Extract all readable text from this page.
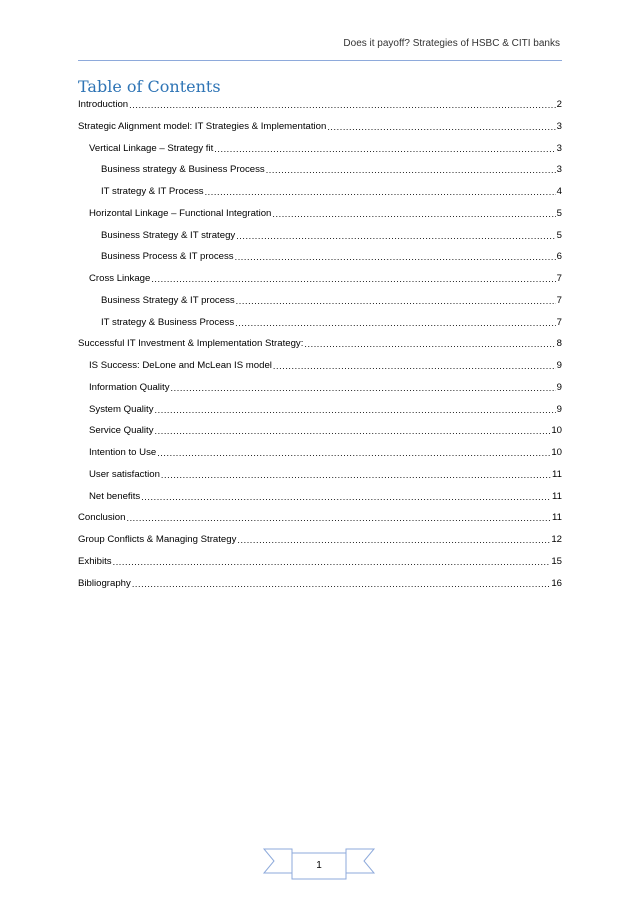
Does it payoff? Strategies of HSBC & CITI banks
Table of Contents
Introduction .....	2
Strategic Alignment model: IT Strategies & Implementation .....	3
Vertical Linkage – Strategy fit .....	3
Business strategy & Business Process .....	3
IT strategy & IT Process .....	4
Horizontal Linkage – Functional Integration .....	5
Business Strategy & IT strategy .....	5
Business Process & IT process .....	6
Cross Linkage .....	7
Business Strategy & IT process .....	7
IT strategy & Business Process .....	7
Successful IT Investment & Implementation Strategy: .....	8
IS Success: DeLone and McLean IS model .....	9
Information Quality .....	9
System Quality .....	9
Service Quality .....	10
Intention to Use .....	10
User satisfaction .....	11
Net benefits .....	11
Conclusion .....	11
Group Conflicts & Managing Strategy .....	12
Exhibits .....	15
Bibliography .....	16
1
